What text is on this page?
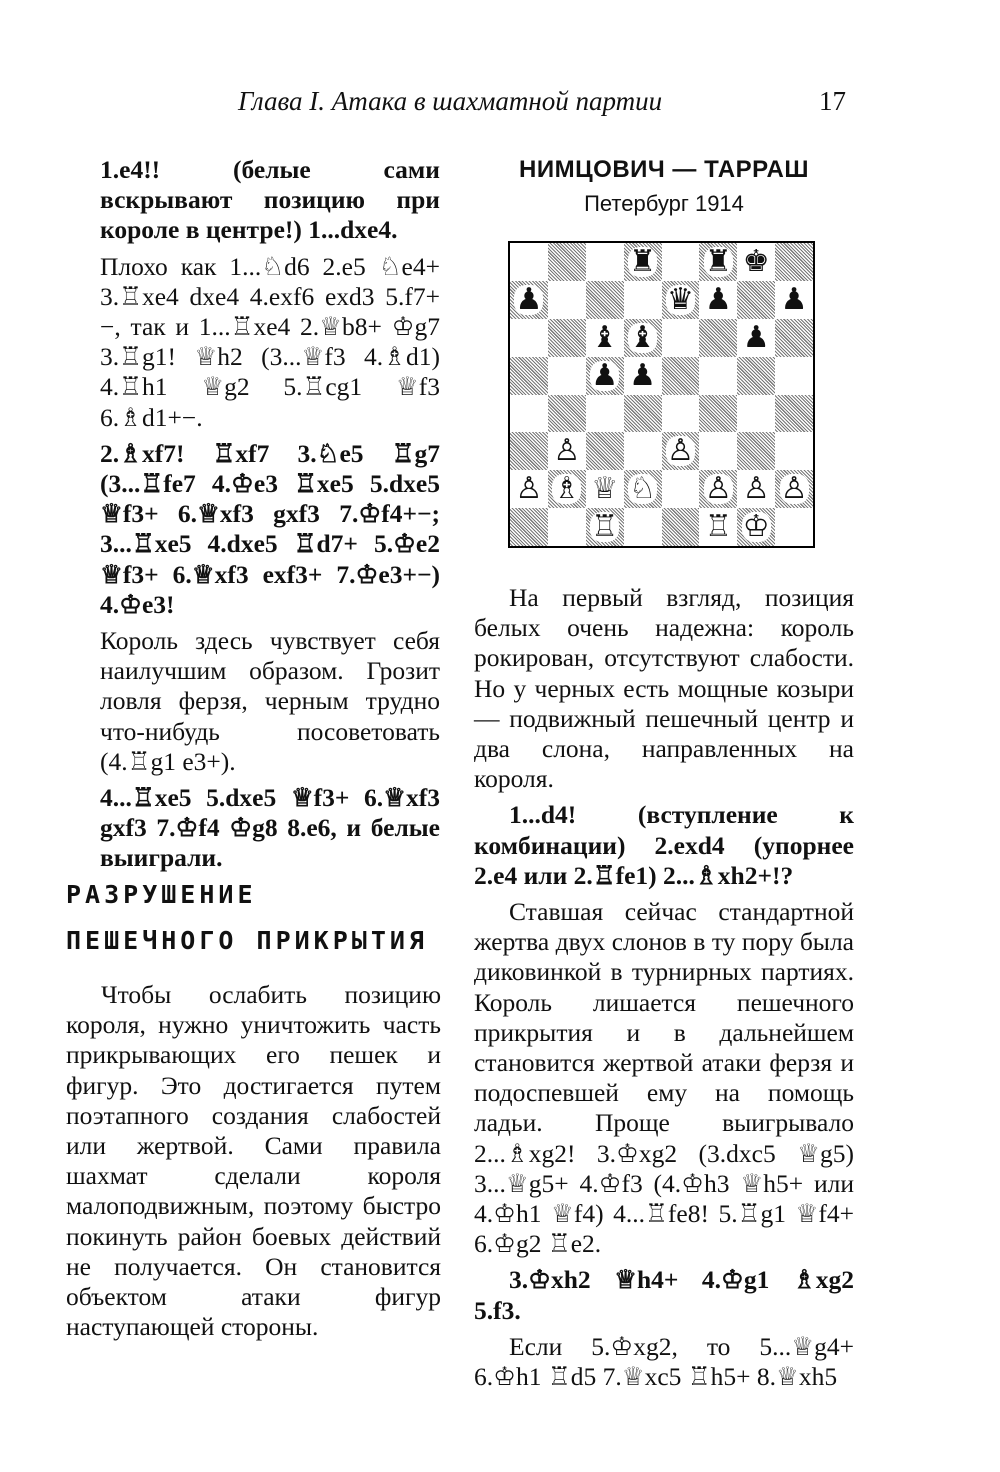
Глава I. Атака в шахматной партии	17

1.e4!! (белые сами вскрывают позицию при короле в центре!) 1...dxe4.

Плохо как 1...♘d6 2.e5 ♘e4+ 3.♖xe4 dxe4 4.exf6 exd3 5.f7+−, так и 1...♖xe4 2.♕b8+ ♔g7 3.♖g1! ♕h2 (3...♕f3 4.♗d1) 4.♖h1 ♕g2 5.♖cg1 ♕f3 6.♗d1+−.

2.♗xf7! ♖xf7 3.♘e5 ♖g7 (3...♖fe7 4.♔e3 ♖xe5 5.dxe5 ♕f3+ 6.♕xf3 gxf3 7.♔f4+−; 3...♖xe5 4.dxe5 ♖d7+ 5.♔e2 ♕f3+ 6.♕xf3 exf3+ 7.♔e3+−) 4.♔e3!

Король здесь чувствует себя наилучшим образом. Грозит ловля ферзя, черным трудно что-нибудь посоветовать (4.♖g1 e3+).

4...♖xe5 5.dxe5 ♕f3+ 6.♕xf3 gxf3 7.♔f4 ♔g8 8.e6, и белые выиграли.

РАЗРУШЕНИЕ ПЕШЕЧНОГО ПРИКРЫТИЯ

Чтобы ослабить позицию короля, нужно уничтожить часть прикрывающих его пешек и фигур. Это достигается путем поэтапного создания слабостей или жертвой. Сами правила шахмат сделали короля малоподвижным, поэтому быстро покинуть район боевых действий не получается. Он становится объектом атаки фигур наступающей стороны.

НИМЦОВИЧ — ТАРРАШ
Петербург 1914
♜ ♜ ♚
♟	♛ ♟ ♟
♝ ♝	♟
♟ ♟
♙	♙
♙ ♗ ♕ ♘ ♙ ♙ ♙
♖	♖ ♔

На первый взгляд, позиция белых очень надежна: король рокирован, отсутствуют слабости. Но у черных есть мощные козыри — подвижный пешечный центр и два слона, направленных на короля.

1...d4! (вступление к комбинации) 2.exd4 (упорнее 2.e4 или 2.♖fe1) 2...♗xh2+!?

Ставшая сейчас стандартной жертва двух слонов в ту пору была диковинкой в турнирных партиях. Король лишается пешечного прикрытия и в дальнейшем становится жертвой атаки ферзя и подоспевшей ему на помощь ладьи. Проще выигрывало 2...♗xg2! 3.♔xg2 (3.dxc5 ♕g5) 3...♕g5+ 4.♔f3 (4.♔h3 ♕h5+ или 4.♔h1 ♕f4) 4...♖fe8! 5.♖g1 ♕f4+ 6.♔g2 ♖e2.

3.♔xh2 ♕h4+ 4.♔g1 ♗xg2 5.f3.

Если 5.♔xg2, то 5...♕g4+ 6.♔h1 ♖d5 7.♕xc5 ♖h5+ 8.♕xh5
